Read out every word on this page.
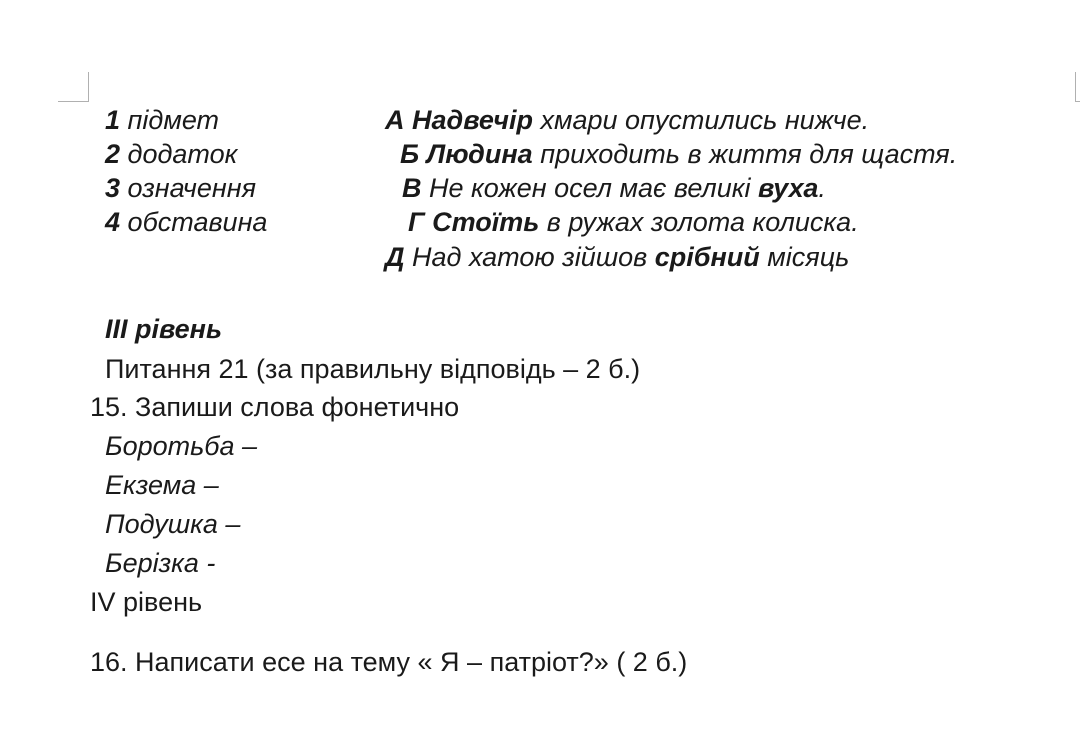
1 підмет
2 додаток
3 означення
4 обставина
А Надвечір хмари опустились нижче.
Б Людина приходить в життя для щастя.
В Не кожен осел має великі вуха.
Г Стоїть в ружах золота колиска.
Д Над хатою зійшов срібний місяць
ІІІ рівень
Питання 21 (за правильну відповідь – 2 б.)
15. Запиши слова фонетично
Боротьба –
Екзема –
Подушка –
Берізка -
ІV рівень
16. Написати есе на тему « Я – патріот?» ( 2 б.)
